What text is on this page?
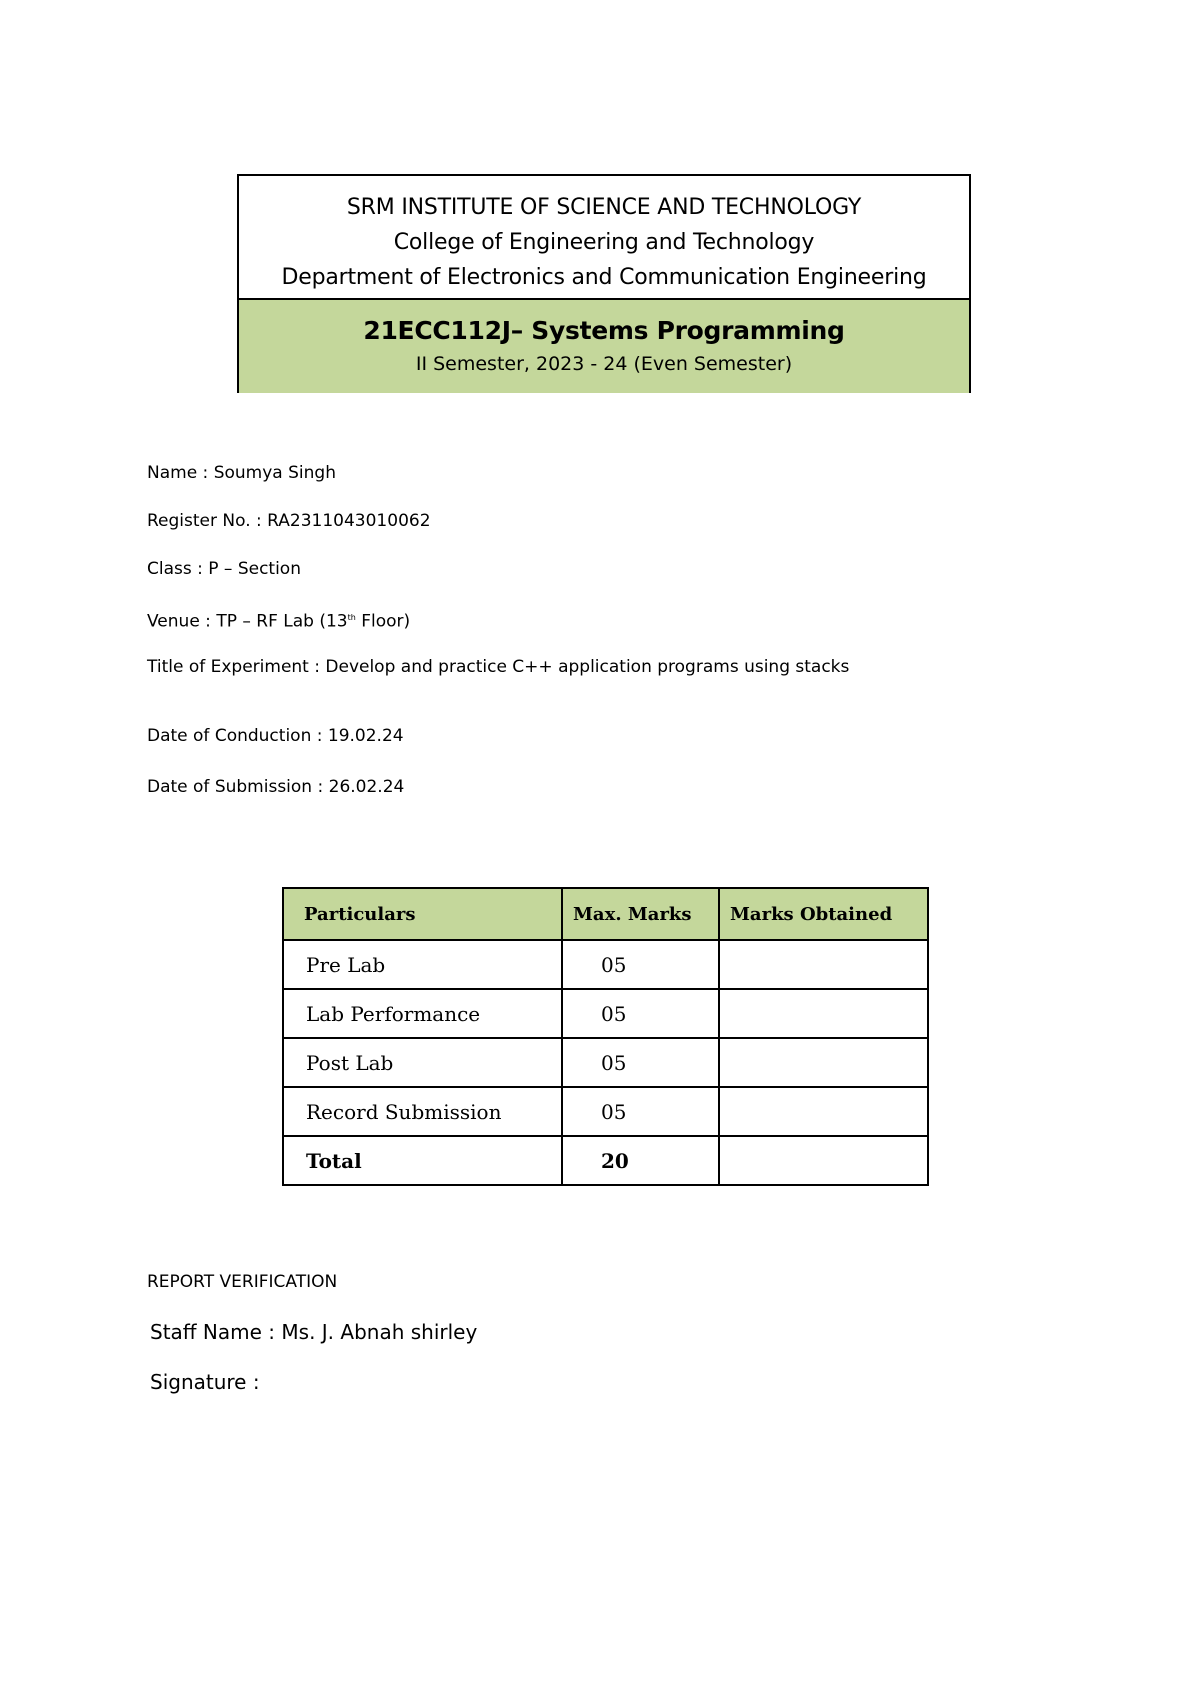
SRM INSTITUTE OF SCIENCE AND TECHNOLOGY
College of Engineering and Technology
Department of Electronics and Communication Engineering
21ECC112J– Systems Programming
II Semester, 2023 - 24 (Even Semester)
Name : Soumya Singh
Register No. : RA2311043010062
Class : P – Section
Venue : TP – RF Lab (13th Floor)
Title of Experiment : Develop and practice C++ application programs using stacks
Date of Conduction : 19.02.24
Date of Submission : 26.02.24
Particulars	Max. Marks	Marks Obtained
Pre Lab	05	
Lab Performance	05	
Post Lab	05	
Record Submission	05	
Total	20	
REPORT VERIFICATION
Staff Name : Ms. J. Abnah shirley
Signature :
